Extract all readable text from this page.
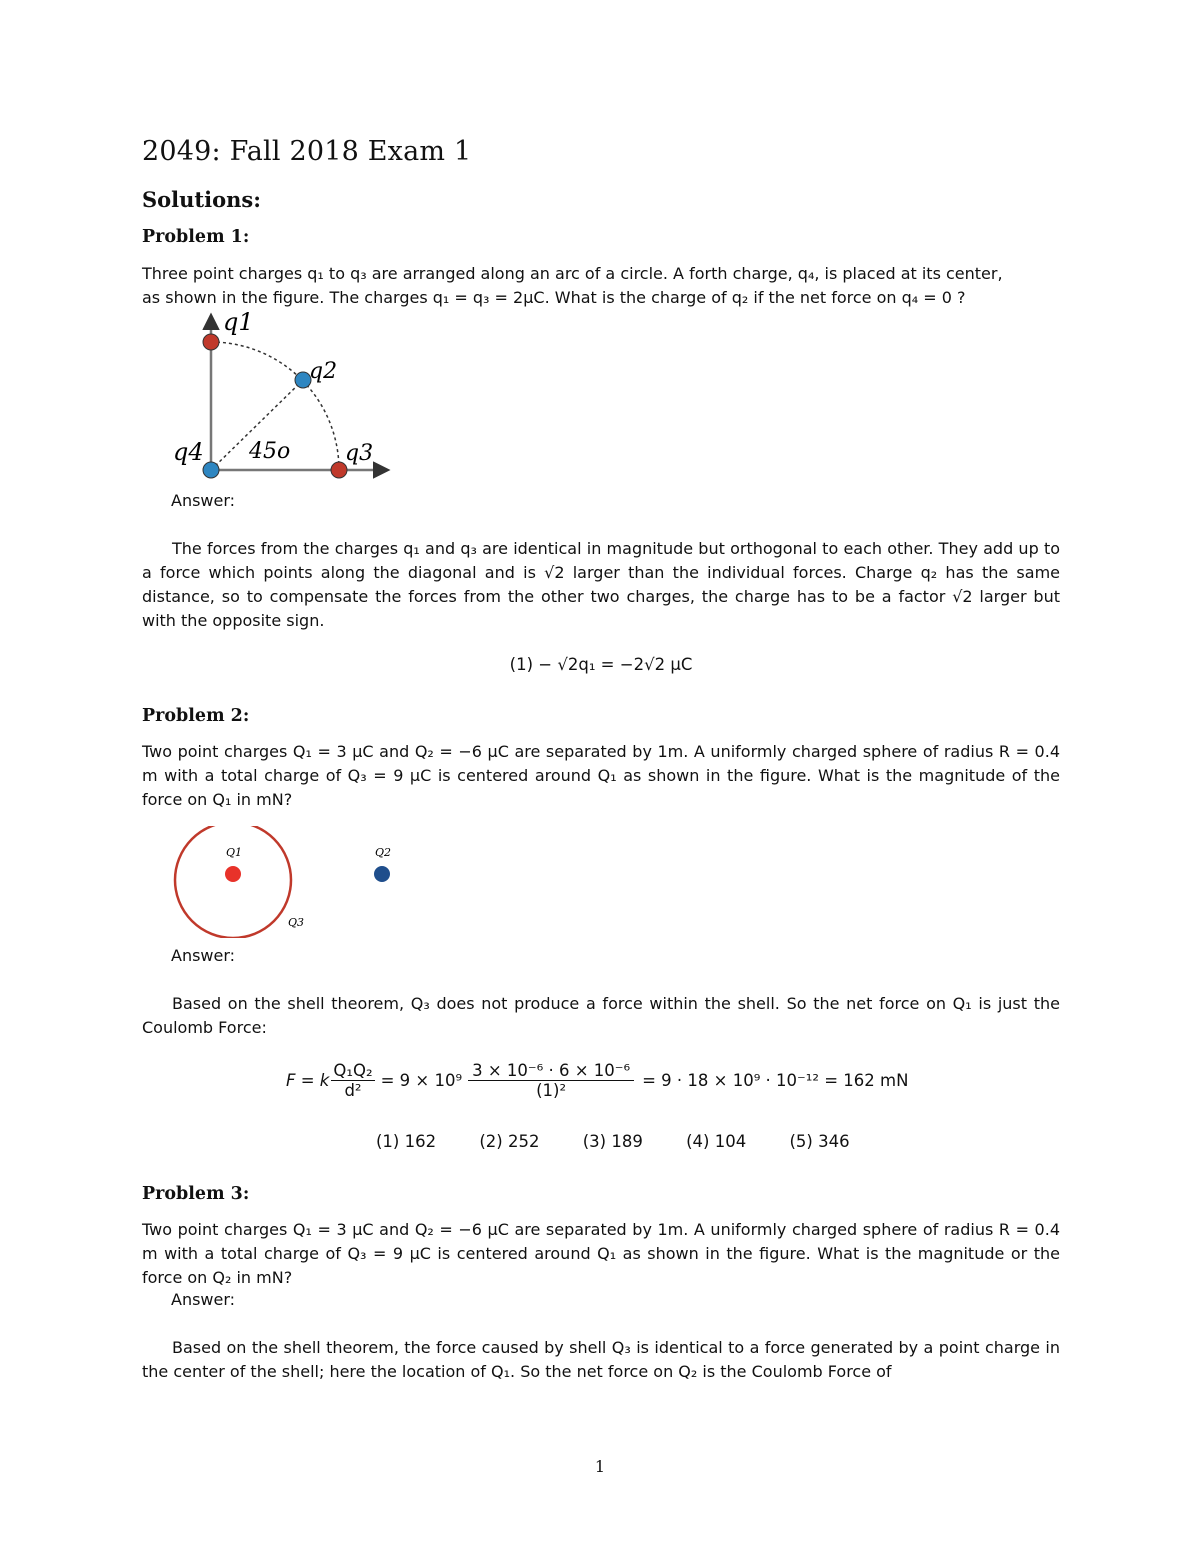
2049: Fall 2018 Exam 1
Solutions:
Problem 1:

Three point charges q₁ to q₃ are arranged along an arc of a circle. A forth charge, q₄, is placed at its center,

as shown in the figure. The charges q₁ = q₃ = 2μC. What is the charge of q₂ if the net force on q₄ = 0 ?

q1
q2
q3
q4 45o

Answer:

The forces from the charges q₁ and q₃ are identical in magnitude but orthogonal to each other. They add up to a force which points along the diagonal and is √2 larger than the individual forces. Charge q₂ has the same distance, so to compensate the forces from the other two charges, the charge has to be a factor √2 larger but with the opposite sign.

(1) − √2q₁ = −2√2 μC
Problem 2:

Two point charges Q₁ = 3 μC and Q₂ = −6 μC are separated by 1m. A uniformly charged sphere of radius R = 0.4 m with a total charge of Q₃ = 9 μC is centered around Q₁ as shown in the figure. What is the magnitude of the force on Q₁ in mN?

Q1	Q2
Q3

Answer:

Based on the shell theorem, Q₃ does not produce a force within the shell. So the net force on Q₁ is just the Coulomb Force:

F = k $\frac{\text{Q₁Q₂}}{\text{d²}} = 9 \times 10^9 \frac{\text{3 × 10⁻⁶ · 6 × 10⁻⁶}}{\text{(1)²}} = 9 \cdot 18 \times 10^9 \cdot 10^{-12} = 162$ mN
(1) 162	(2) 252	(3) 189	(4) 104	(5) 346
Problem 3:

Two point charges Q₁ = 3 μC and Q₂ = −6 μC are separated by 1m. A uniformly charged sphere of radius R = 0.4 m with a total charge of Q₃ = 9 μC is centered around Q₁ as shown in the figure. What is the magnitude or the force on Q₂ in mN?

Answer:

Based on the shell theorem, the force caused by shell Q₃ is identical to a force generated by a point charge in the center of the shell; here the location of Q₁. So the net force on Q₂ is the Coulomb Force of

1
